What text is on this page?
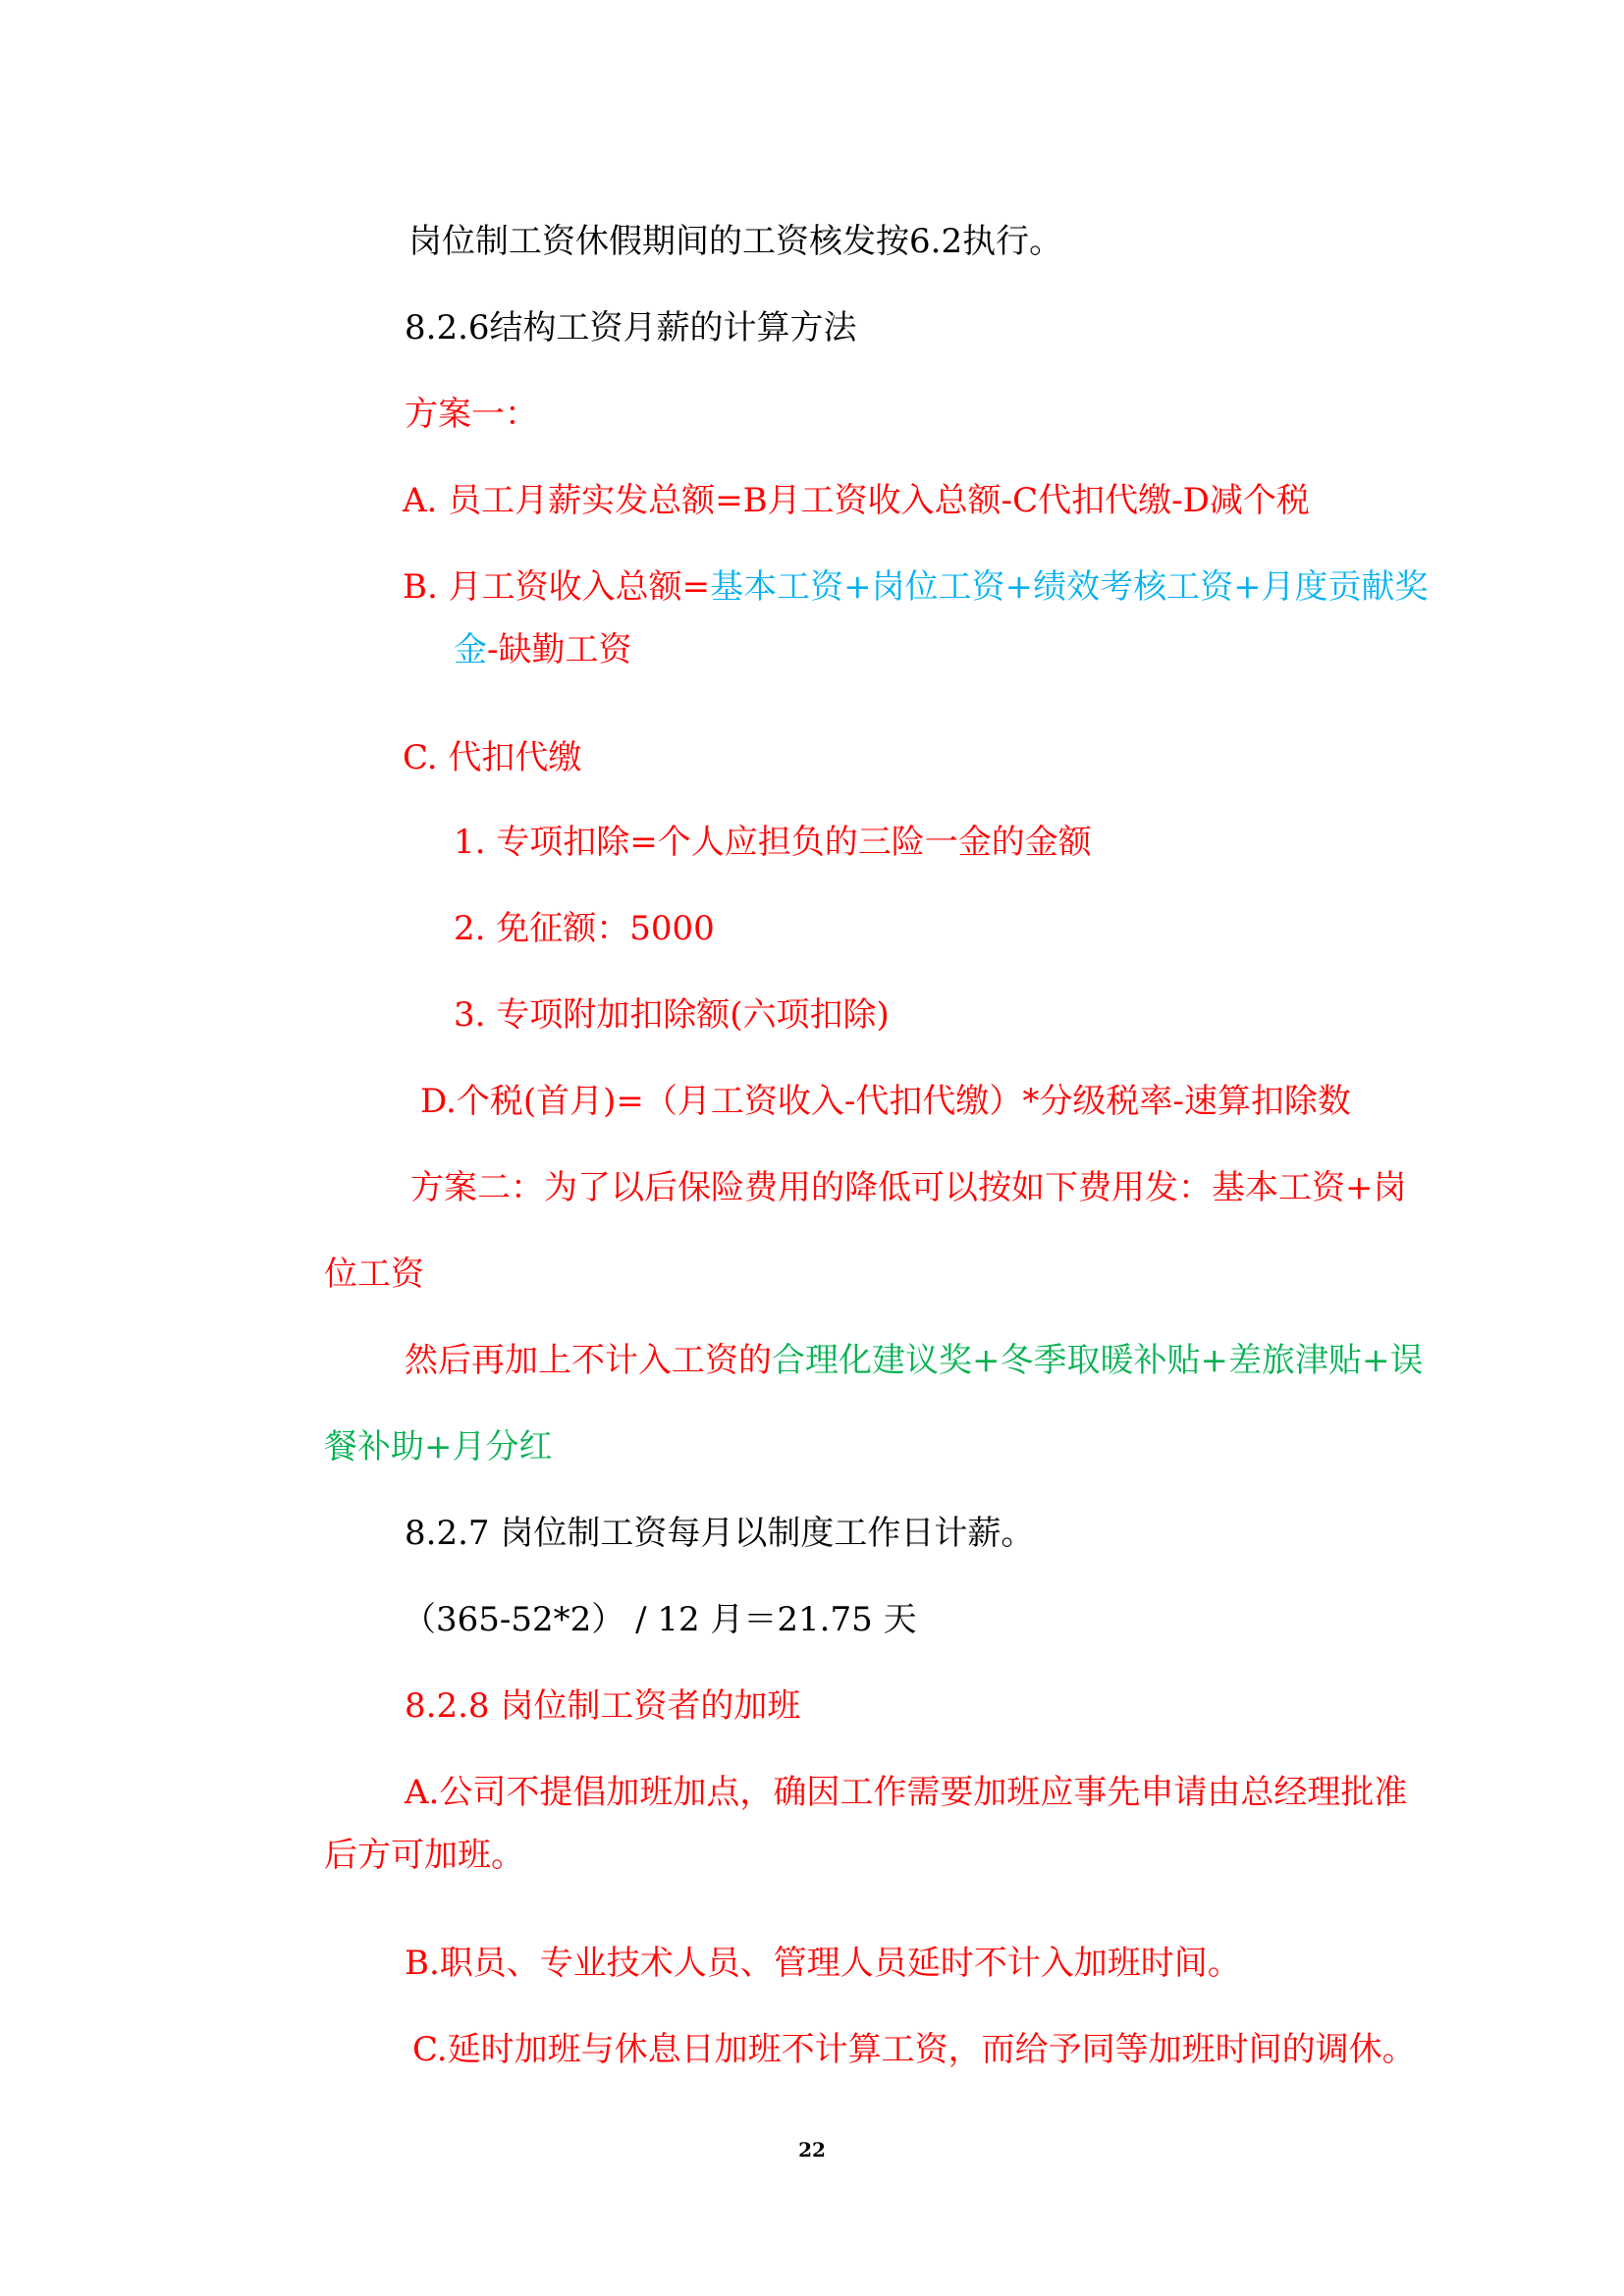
岗位制工资休假期间的工资核发按6.2执行。
8.2.6结构工资月薪的计算方法
方案一：
A. 员工月薪实发总额=B月工资收入总额-C代扣代缴-D减个税
B. 月工资收入总额=基本工资+岗位工资+绩效考核工资+月度贡献奖
金-缺勤工资
C. 代扣代缴
1. 专项扣除=个人应担负的三险一金的金额
2. 免征额：5000
3. 专项附加扣除额(六项扣除)
D.个税(首月)=（月工资收入-代扣代缴）*分级税率-速算扣除数
方案二：为了以后保险费用的降低可以按如下费用发：基本工资+岗
位工资
然后再加上不计入工资的合理化建议奖+冬季取暖补贴+差旅津贴+误
餐补助+月分红
8.2.7 岗位制工资每月以制度工作日计薪。
（365-52*2） / 12 月＝21.75 天
8.2.8 岗位制工资者的加班
A.公司不提倡加班加点，确因工作需要加班应事先申请由总经理批准
后方可加班。
B.职员、专业技术人员、管理人员延时不计入加班时间。
C.延时加班与休息日加班不计算工资，而给予同等加班时间的调休。
22
